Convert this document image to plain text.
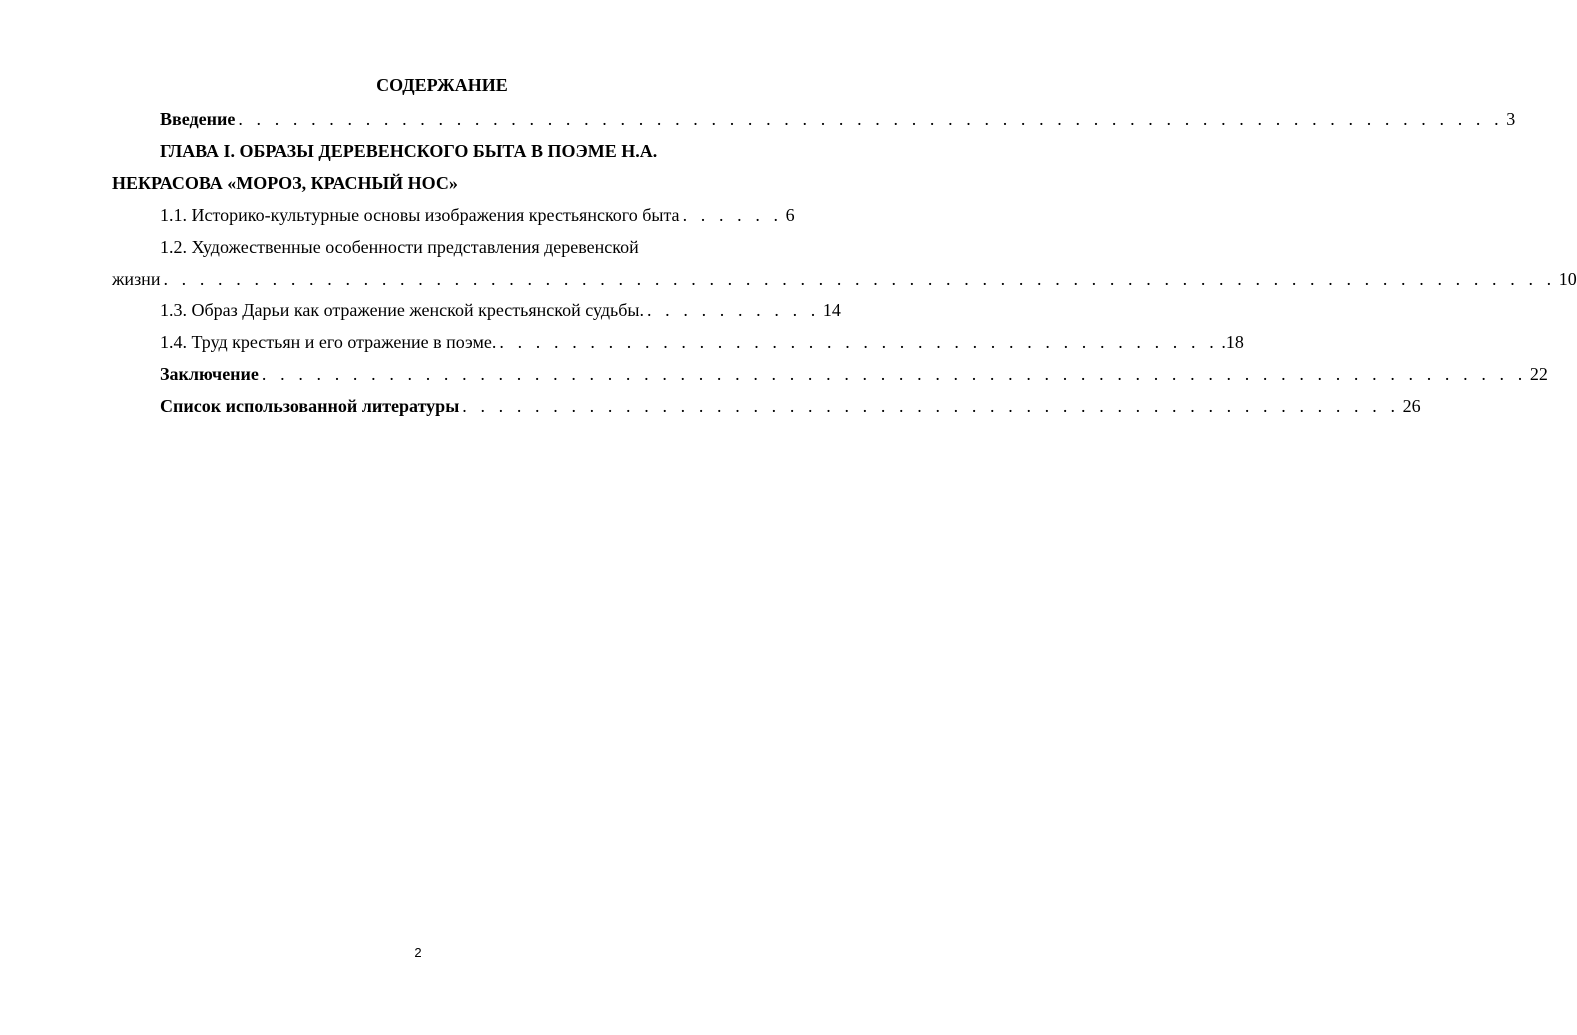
СОДЕРЖАНИЕ
Введение . . . . . . . . . . . . . . . . . . . . . . . . . . . . . . . . . . . . . . . . . . . . . . . . . . . . . . . . . . . . . . . . . . . . . . 3
ГЛАВА I. ОБРАЗЫ ДЕРЕВЕНСКОГО БЫТА В ПОЭМЕ Н.А.
НЕКРАСОВА «МОРОЗ, КРАСНЫЙ НОС»
1.1. Историко-культурные основы изображения крестьянского быта . . . . . . 6
1.2. Художественные особенности представления деревенской
жизни . . . . . . . . . . . . . . . . . . . . . . . . . . . . . . . . . . . . . . . . . . . . . . . . . . . . . . . . . . . . . . . . . . . . . . . . . . . . . 10
1.3. Образ Дарьи как отражение женской крестьянской судьбы. . . . . . . . . . . 14
1.4. Труд крестьян и его отражение в поэме. . . . . . . . . . . . . . . . . . . . . . . . . . . . . . . . . . . . . . . . . .18
Заключение . . . . . . . . . . . . . . . . . . . . . . . . . . . . . . . . . . . . . . . . . . . . . . . . . . . . . . . . . . . . . . . . . . . . . . 22
Список использованной литературы . . . . . . . . . . . . . . . . . . . . . . . . . . . . . . . . . . . . . . . . . . . . . . . . . . . . 26
2
